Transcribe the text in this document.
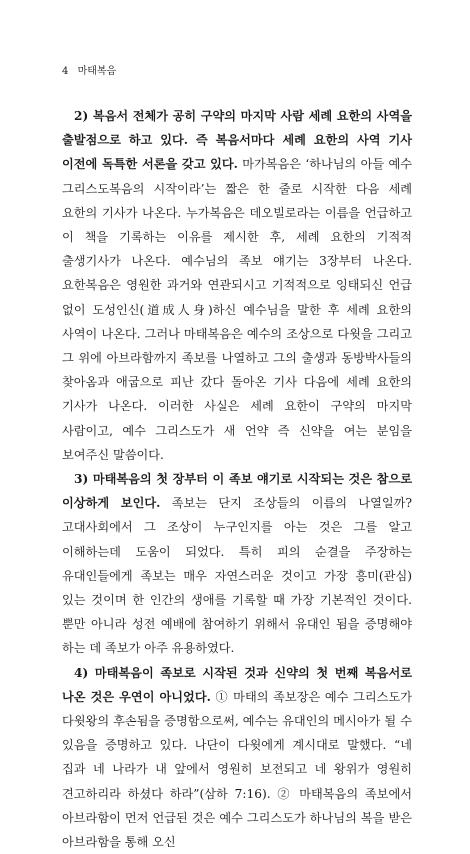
4 마태복음

2) 복음서 전체가 공히 구약의 마지막 사람 세례 요한의 사역을 출발점으로 하고 있다. 즉 복음서마다 세례 요한의 사역 기사 이전에 독특한 서론을 갖고 있다. 마가복음은 ‘하나님의 아들 예수 그리스도복음의 시작이라’는 짧은 한 줄로 시작한 다음 세례 요한의 기사가 나온다. 누가복음은 데오빌로라는 이름을 언급하고 이 책을 기록하는 이유를 제시한 후, 세례 요한의 기적적 출생기사가 나온다. 예수님의 족보 얘기는 3장부터 나온다. 요한복음은 영원한 과거와 연관되시고 기적적으로 잉태되신 언급 없이 도성인신(道成人身)하신 예수님을 말한 후 세례 요한의 사역이 나온다. 그러나 마태복음은 예수의 조상으로 다윗을 그리고 그 위에 아브라함까지 족보를 나열하고 그의 출생과 동방박사들의 찾아옴과 애굽으로 피난 갔다 돌아온 기사 다음에 세례 요한의 기사가 나온다. 이러한 사실은 세례 요한이 구약의 마지막 사람이고, 예수 그리스도가 새 언약 즉 신약을 여는 분임을 보여주신 말씀이다.

3) 마태복음의 첫 장부터 이 족보 얘기로 시작되는 것은 참으로 이상하게 보인다. 족보는 단지 조상들의 이름의 나열일까? 고대사회에서 그 조상이 누구인지를 아는 것은 그를 알고 이해하는데 도움이 되었다. 특히 피의 순결을 주장하는 유대인들에게 족보는 매우 자연스러운 것이고 가장 흥미(관심)있는 것이며 한 인간의 생애를 기록할 때 가장 기본적인 것이다. 뿐만 아니라 성전 예배에 참여하기 위해서 유대인 됨을 증명해야 하는 데 족보가 아주 유용하였다.

4) 마태복음이 족보로 시작된 것과 신약의 첫 번째 복음서로 나온 것은 우연이 아니었다. ① 마태의 족보장은 예수 그리스도가 다윗왕의 후손됨을 증명함으로써, 예수는 유대인의 메시아가 될 수 있음을 증명하고 있다. 나단이 다윗에게 계시대로 말했다. “네 집과 네 나라가 내 앞에서 영원히 보전되고 네 왕위가 영원히 견고하리라 하셨다 하라”(삼하 7:16). ② 마태복음의 족보에서 아브라함이 먼저 언급된 것은 예수 그리스도가 하나님의 복을 받은 아브라함을 통해 오신
